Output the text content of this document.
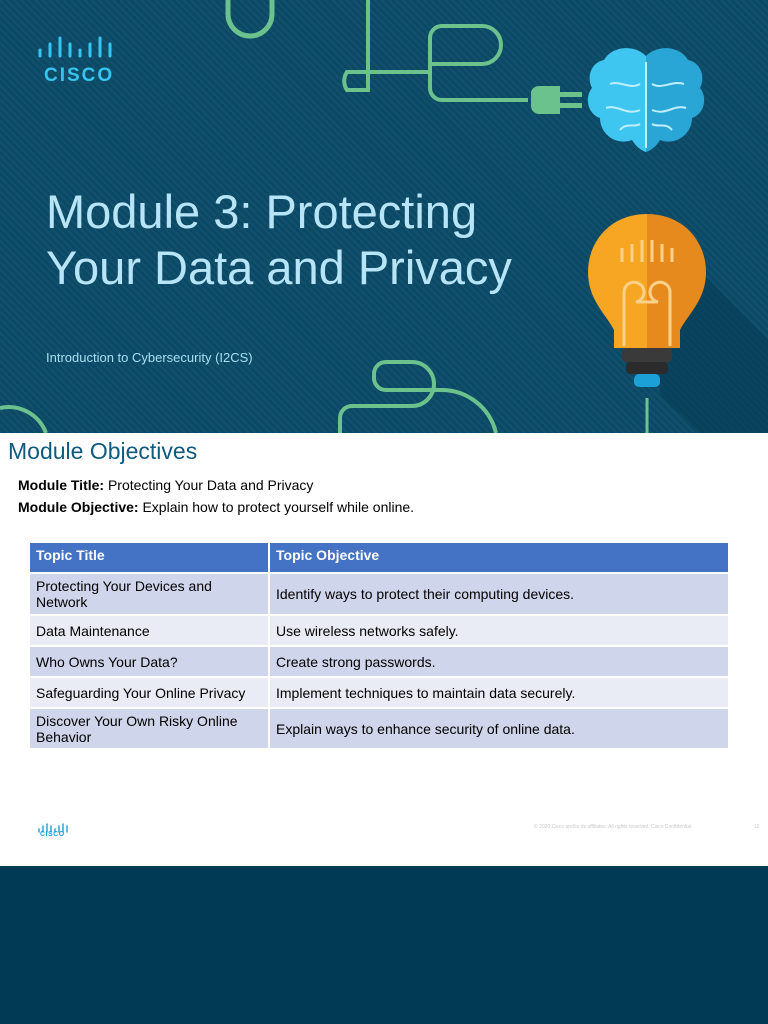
CISCO
Module 3: Protecting
Your Data and Privacy
Introduction to Cybersecurity (I2CS)
Module Objectives
Module Title: Protecting Your Data and Privacy
Module Objective: Explain how to protect yourself while online.
Topic Title	Topic Objective
Protecting Your Devices and Network	Identify ways to protect their computing devices.
Data Maintenance	Use wireless networks safely.
Who Owns Your Data?	Create strong passwords.
Safeguarding Your Online Privacy	Implement techniques to maintain data securely.
Discover Your Own Risky Online Behavior	Explain ways to enhance security of online data.
CISCO
© 2020 Cisco and/or its affiliates. All rights reserved. Cisco Confidential	12
